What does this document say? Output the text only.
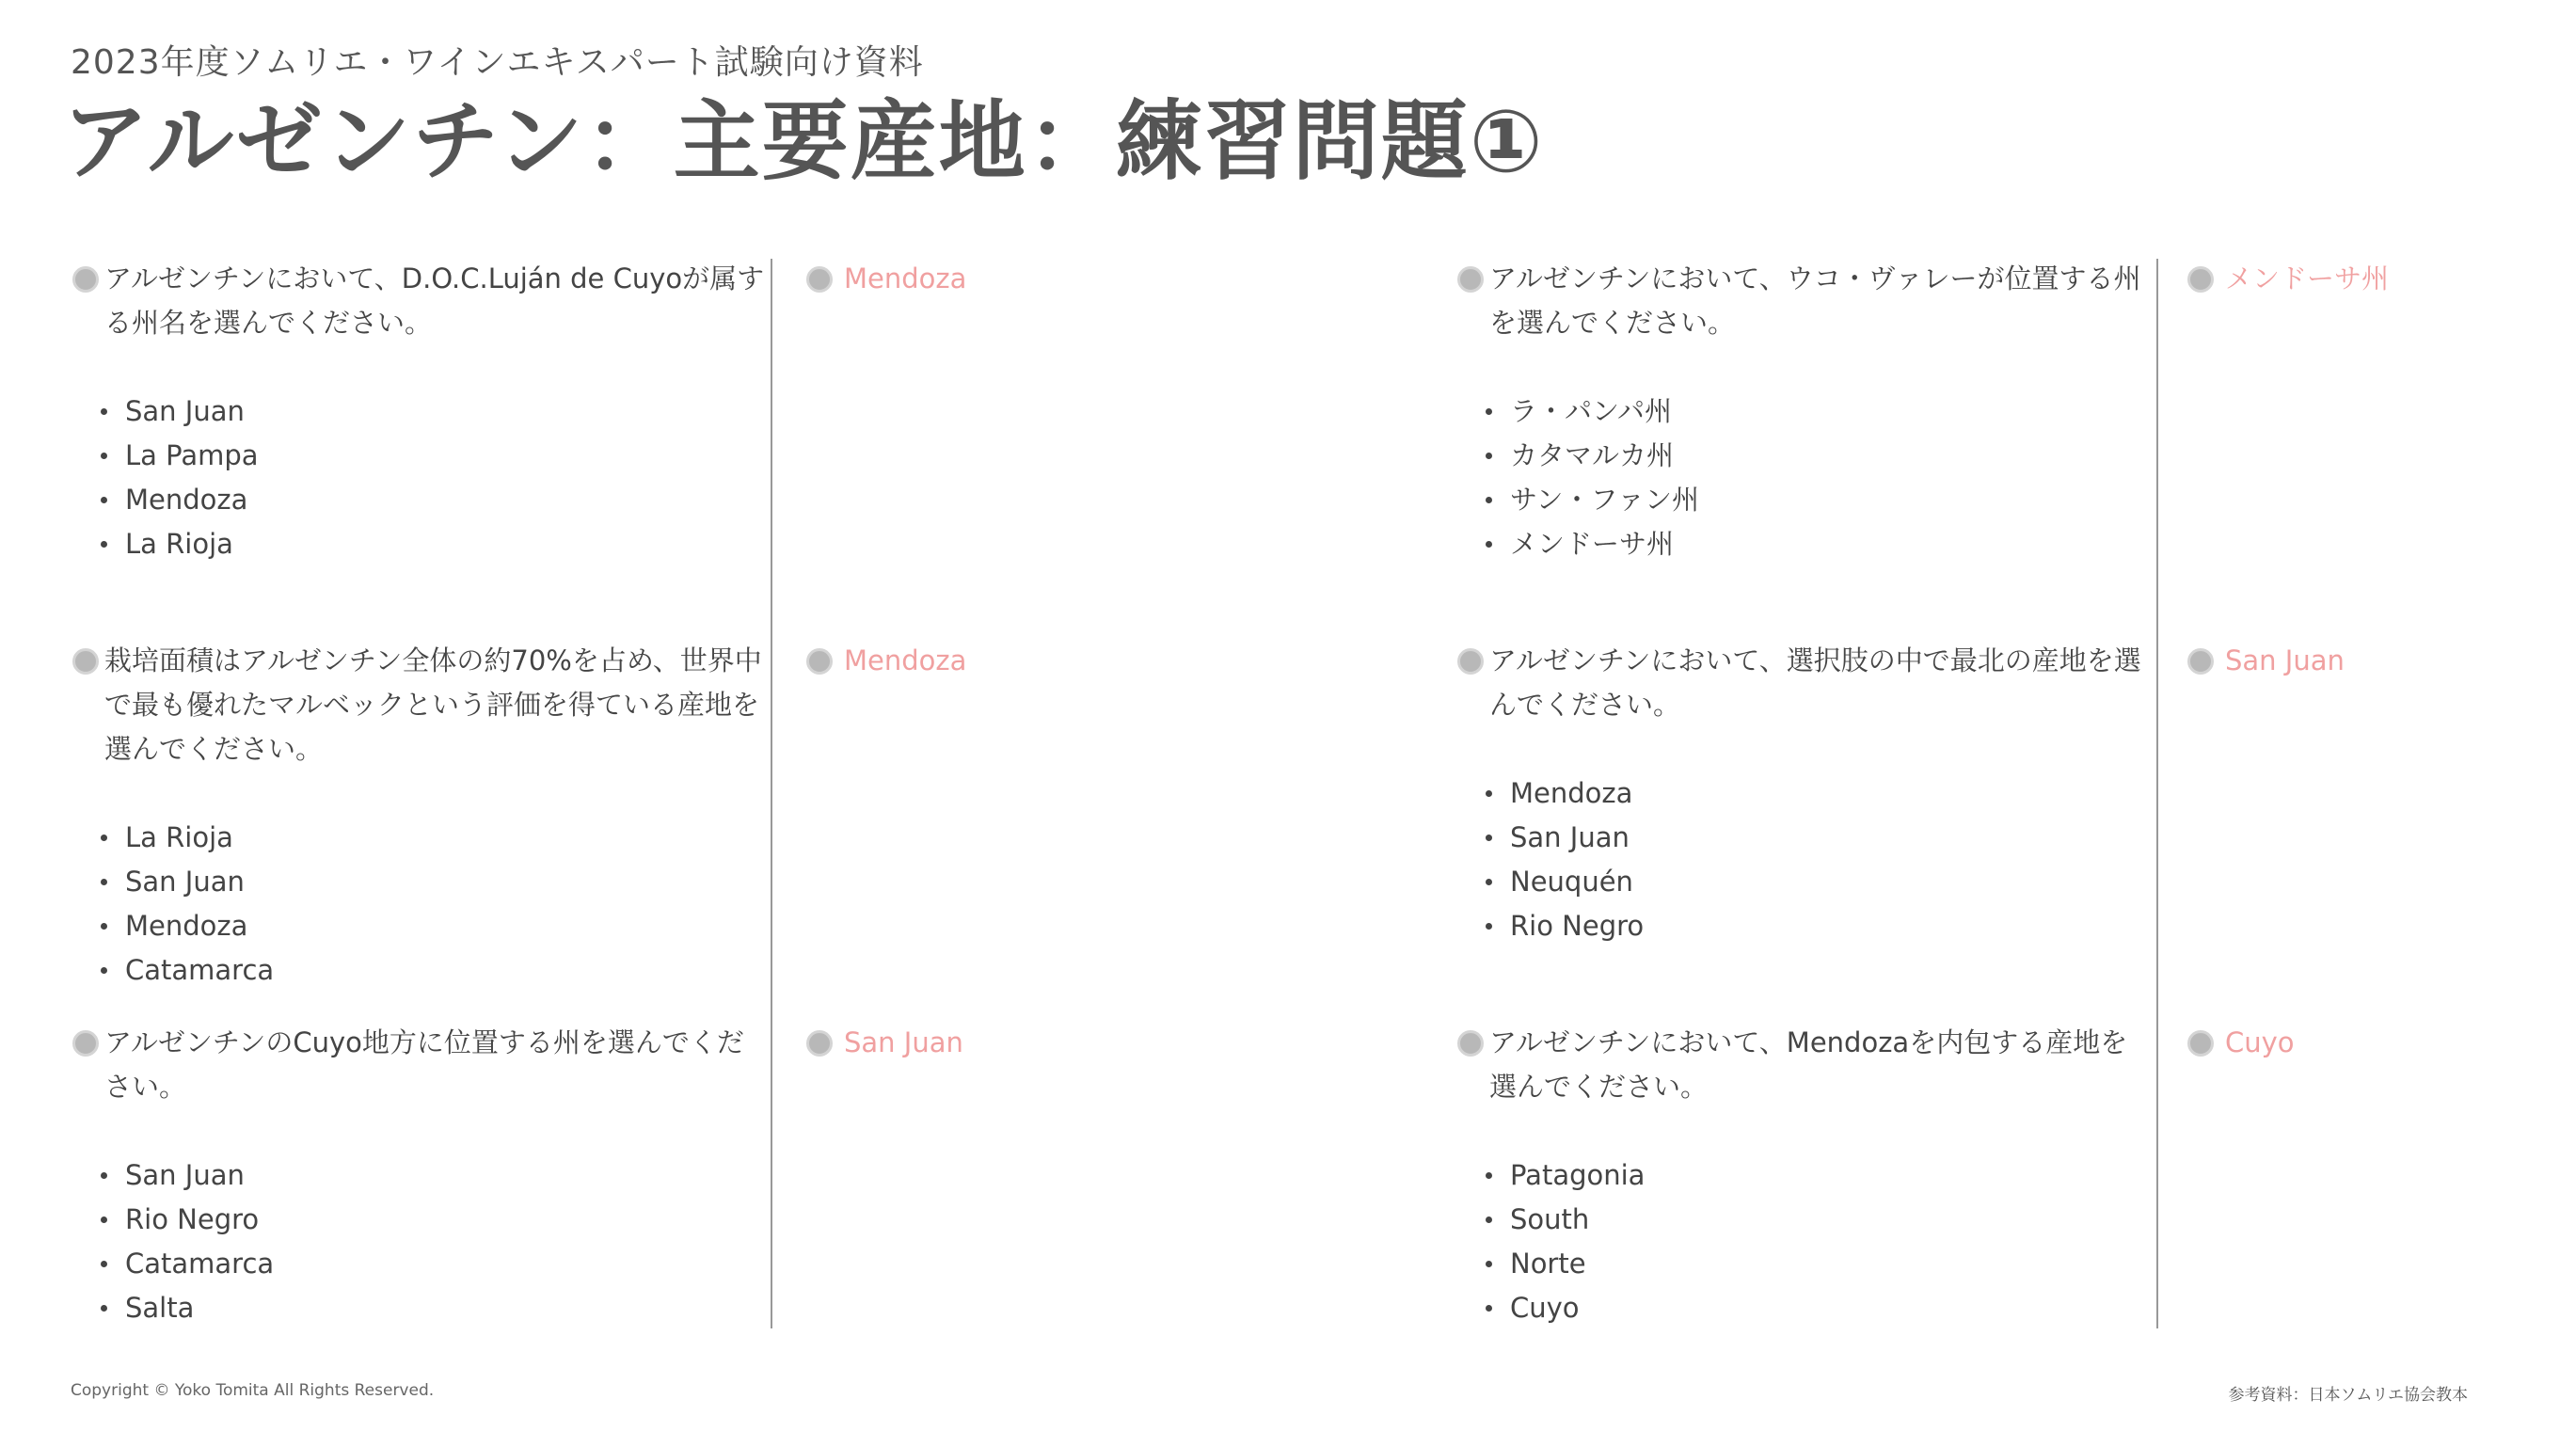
2023年度ソムリエ・ワインエキスパート試験向け資料
アルゼンチン：主要産地：練習問題①
アルゼンチンにおいて、D.O.C.Luján de Cuyoが属する州名を選んでください。
San Juan
La Pampa
Mendoza
La Rioja
Mendoza
栽培面積はアルゼンチン全体の約70%を占め、世界中で最も優れたマルベックという評価を得ている産地を選んでください。
La Rioja
San Juan
Mendoza
Catamarca
Mendoza
アルゼンチンのCuyo地方に位置する州を選んでください。
San Juan
Rio Negro
Catamarca
Salta
San Juan
アルゼンチンにおいて、ウコ・ヴァレーが位置する州を選んでください。
ラ・パンパ州
カタマルカ州
サン・ファン州
メンドーサ州
メンドーサ州
アルゼンチンにおいて、選択肢の中で最北の産地を選んでください。
Mendoza
San Juan
Neuquén
Rio Negro
San Juan
アルゼンチンにおいて、Mendozaを内包する産地を選んでください。
Patagonia
South
Norte
Cuyo
Cuyo
Copyright © Yoko Tomita All Rights Reserved.	参考資料：日本ソムリエ協会教本
